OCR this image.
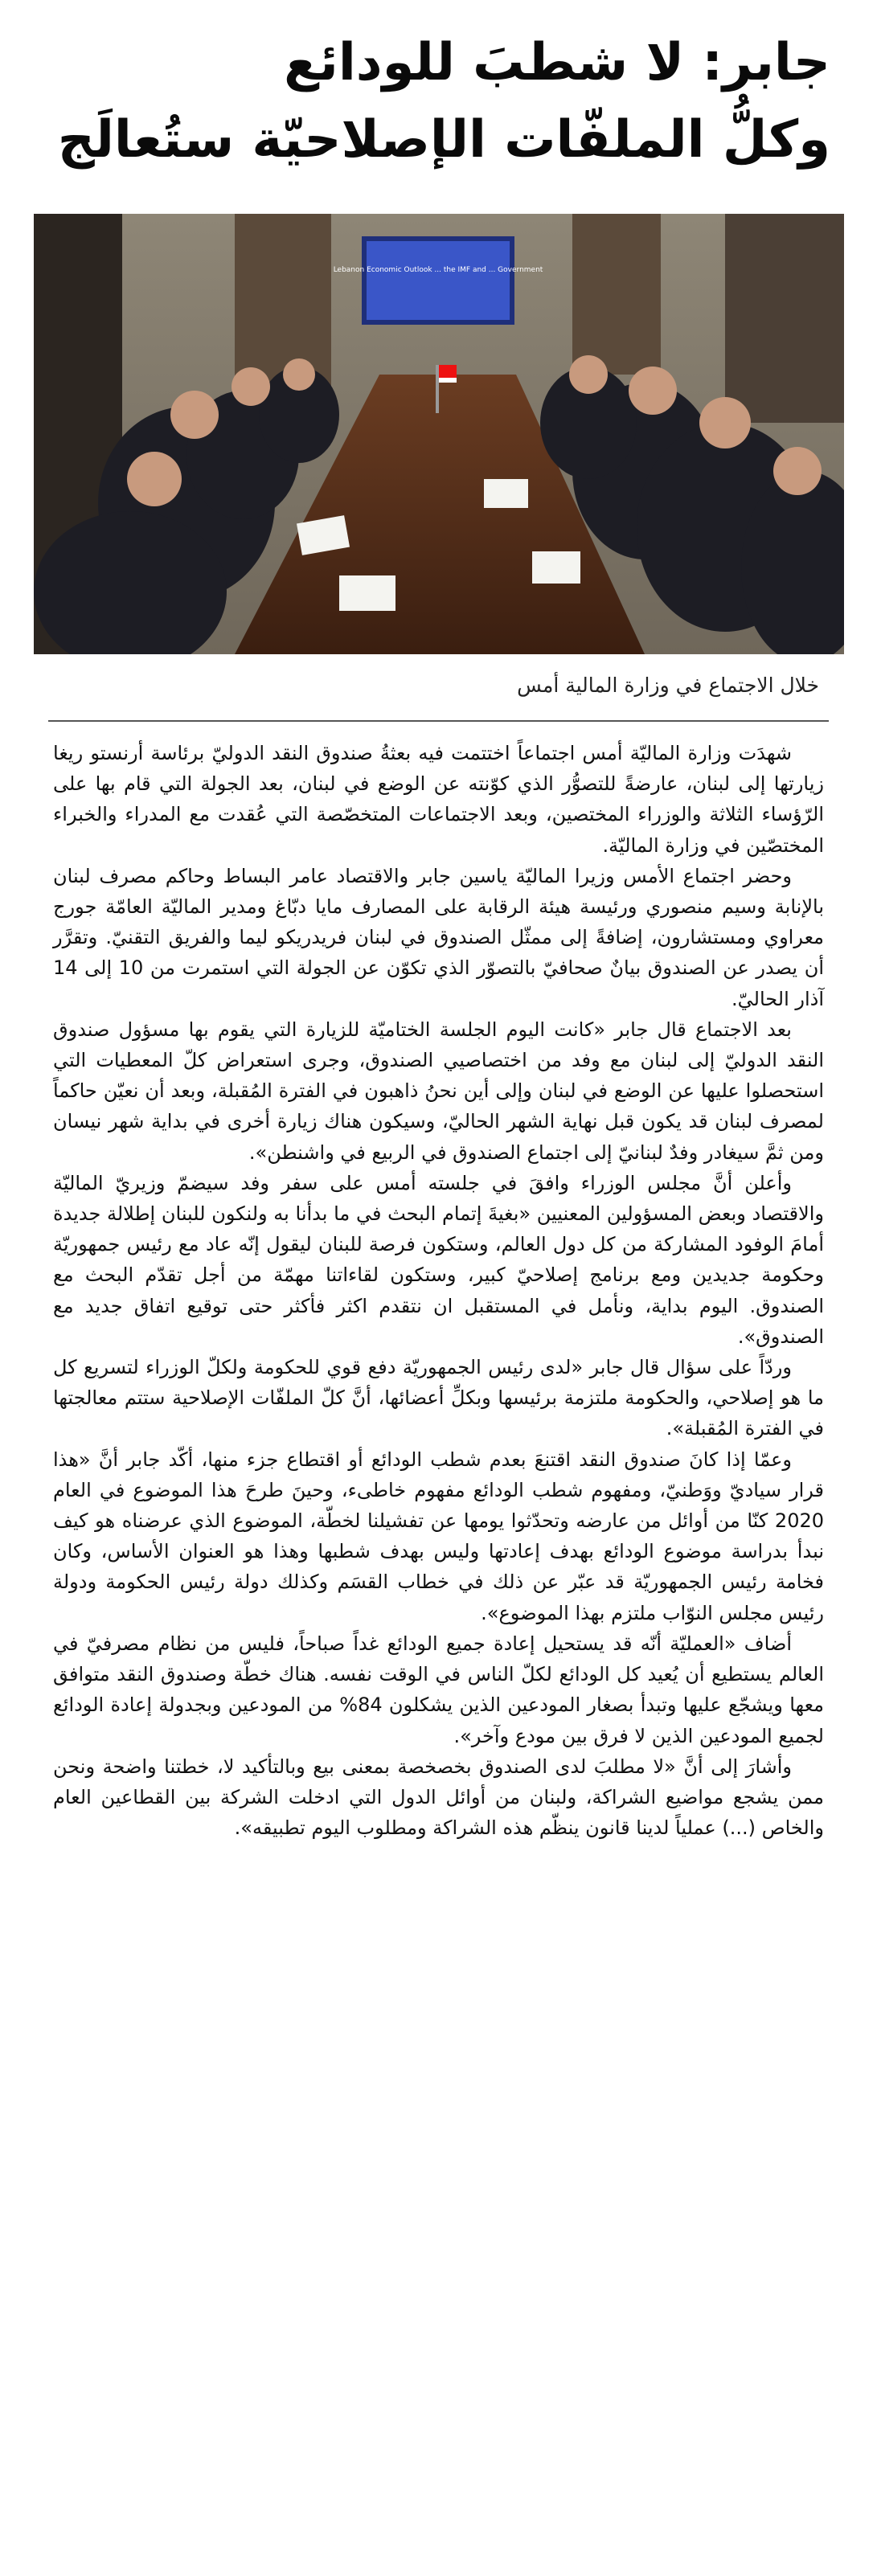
جابر: لا شطبَ للودائع
وكلُّ الملفّات الإصلاحيّة ستُعالَج
Lebanon Economic Outlook ... the IMF and ... Government
خلال الاجتماع في وزارة المالية أمس

شهدَت وزارة الماليّة أمس اجتماعاً اختتمت فيه بعثةُ صندوق النقد الدوليّ برئاسة أرنستو ريغا زيارتها إلى لبنان، عارضةً للتصوُّر الذي كوّنته عن الوضع في لبنان، بعد الجولة التي قام بها على الرّؤساء الثلاثة والوزراء المختصين، وبعد الاجتماعات المتخصّصة التي عُقدت مع المدراء والخبراء المختصّين في وزارة الماليّة.

وحضر اجتماع الأمس وزيرا الماليّة ياسين جابر والاقتصاد عامر البساط وحاكم مصرف لبنان بالإنابة وسيم منصوري ورئيسة هيئة الرقابة على المصارف مايا دبّاغ ومدير الماليّة العامّة جورج معراوي ومستشارون، إضافةً إلى ممثّل الصندوق في لبنان فريدريكو ليما والفريق التقنيّ. وتقرَّر أن يصدر عن الصندوق بيانٌ صحافيّ بالتصوّر الذي تكوّن عن الجولة التي استمرت من 10 إلى 14 آذار الحاليّ.

بعد الاجتماع قال جابر «كانت اليوم الجلسة الختاميّة للزيارة التي يقوم بها مسؤول صندوق النقد الدوليّ إلى لبنان مع وفد من اختصاصيي الصندوق، وجرى استعراض كلّ المعطيات التي استحصلوا عليها عن الوضع في لبنان وإلى أين نحنُ ذاهبون في الفترة المُقبلة، وبعد أن نعيّن حاكماً لمصرف لبنان قد يكون قبل نهاية الشهر الحاليّ، وسيكون هناك زيارة أخرى في بداية شهر نيسان ومن ثمَّ سيغادر وفدٌ لبنانيّ إلى اجتماع الصندوق في الربيع في واشنطن».

وأعلن أنَّ مجلس الوزراء وافقَ في جلسته أمس على سفر وفد سيضمّ وزيريّ الماليّة والاقتصاد وبعض المسؤولين المعنيين «بغيةَ إتمام البحث في ما بدأنا به ولنكون للبنان إطلالة جديدة أمامَ الوفود المشاركة من كل دول العالم، وستكون فرصة للبنان ليقول إنّه عاد مع رئيس جمهوريّة وحكومة جديدين ومع برنامج إصلاحيّ كبير، وستكون لقاءاتنا مهمّة من أجل تقدّم البحث مع الصندوق. اليوم بداية، ونأمل في المستقبل ان نتقدم اكثر فأكثر حتى توقيع اتفاق جديد مع الصندوق».

وردّاً على سؤال قال جابر «لدى رئيس الجمهوريّة دفع قوي للحكومة ولكلّ الوزراء لتسريع كل ما هو إصلاحي، والحكومة ملتزمة برئيسها وبكلِّ أعضائها، أنَّ كلّ الملفّات الإصلاحية ستتم معالجتها في الفترة المُقبلة».

وعمّا إذا كانَ صندوق النقد اقتنعَ بعدم شطب الودائع أو اقتطاع جزء منها، أكّد جابر أنَّ «هذا قرار سياديّ ووَطنيّ، ومفهوم شطب الودائع مفهوم خاطىء، وحينَ طرحَ هذا الموضوع في العام 2020 كنّا من أوائل من عارضه وتحدّثوا يومها عن تفشيلنا لخطّة، الموضوع الذي عرضناه هو كيف نبدأ بدراسة موضوع الودائع بهدف إعادتها وليس بهدف شطبها وهذا هو العنوان الأساس، وكان فخامة رئيس الجمهوريّة قد عبّر عن ذلك في خطاب القسَم وكذلك دولة رئيس الحكومة ودولة رئيس مجلس النوّاب ملتزم بهذا الموضوع».

أضاف «العمليّة أنّه قد يستحيل إعادة جميع الودائع غداً صباحاً، فليس من نظام مصرفيّ في العالم يستطيع أن يُعيد كل الودائع لكلّ الناس في الوقت نفسه. هناك خطّة وصندوق النقد متوافق معها ويشجّع عليها وتبدأ بصغار المودعين الذين يشكلون 84% من المودعين وبجدولة إعادة الودائع لجميع المودعين الذين لا فرق بين مودع وآخر».

وأشارَ إلى أنَّ «لا مطلبَ لدى الصندوق بخصخصة بمعنى بيع وبالتأكيد لا، خطتنا واضحة ونحن ممن يشجع مواضيع الشراكة، ولبنان من أوائل الدول التي ادخلت الشركة بين القطاعين العام والخاص (...) عملياً لدينا قانون ينظّم هذه الشراكة ومطلوب اليوم تطبيقه».
